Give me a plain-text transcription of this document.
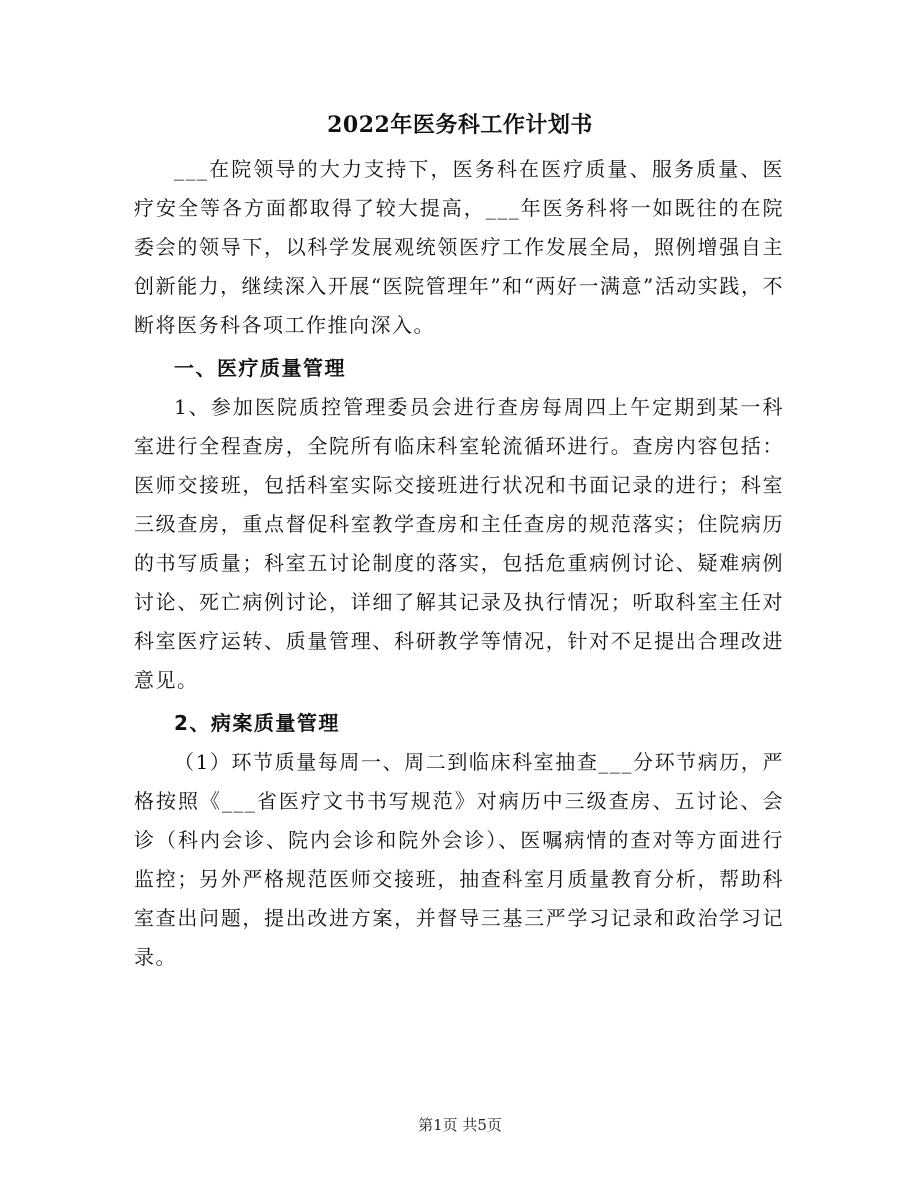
2022年医务科工作计划书

___在院领导的大力支持下，医务科在医疗质量、服务质量、医疗安全等各方面都取得了较大提高，___年医务科将一如既往的在院委会的领导下，以科学发展观统领医疗工作发展全局，照例增强自主创新能力，继续深入开展“医院管理年”和“两好一满意”活动实践，不断将医务科各项工作推向深入。

一、医疗质量管理

1、参加医院质控管理委员会进行查房每周四上午定期到某一科室进行全程查房，全院所有临床科室轮流循环进行。查房内容包括：医师交接班，包括科室实际交接班进行状况和书面记录的进行；科室三级查房，重点督促科室教学查房和主任查房的规范落实；住院病历的书写质量；科室五讨论制度的落实，包括危重病例讨论、疑难病例讨论、死亡病例讨论，详细了解其记录及执行情况；听取科室主任对科室医疗运转、质量管理、科研教学等情况，针对不足提出合理改进意见。

2、病案质量管理

（1）环节质量每周一、周二到临床科室抽查___分环节病历，严格按照《___省医疗文书书写规范》对病历中三级查房、五讨论、会诊（科内会诊、院内会诊和院外会诊）、医嘱病情的查对等方面进行监控；另外严格规范医师交接班，抽查科室月质量教育分析，帮助科室查出问题，提出改进方案，并督导三基三严学习记录和政治学习记录。

第1页 共5页
